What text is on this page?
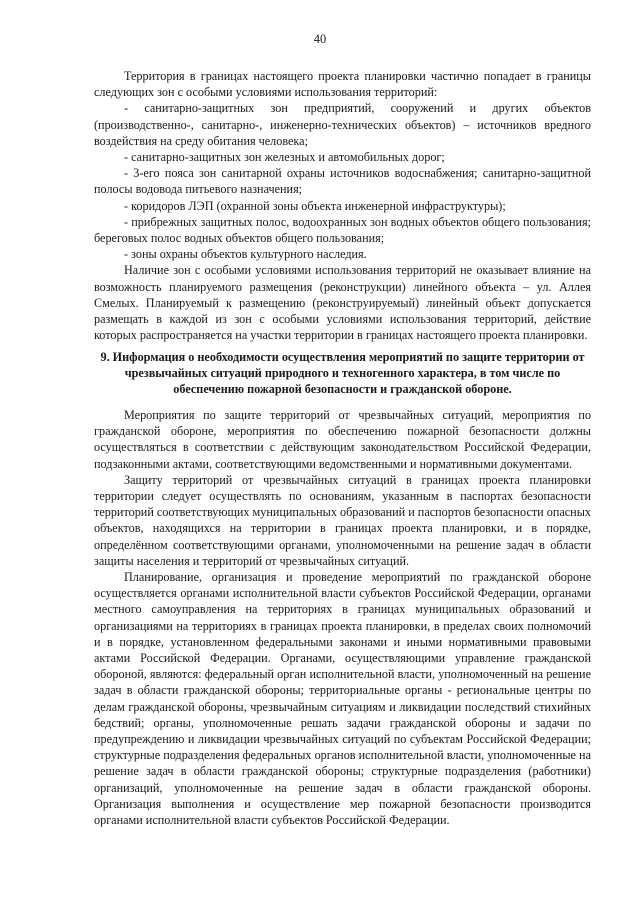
40

Территория в границах настоящего проекта планировки частично попадает в границы следующих зон с особыми условиями использования территорий:

- санитарно-защитных зон предприятий, сооружений и других объектов (производственно-, санитарно-, инженерно-технических объектов) – источников вредного воздействия на среду обитания человека;

- санитарно-защитных зон железных и автомобильных дорог;

- 3-его пояса зон санитарной охраны источников водоснабжения; санитарно-защитной полосы водовода питьевого назначения;

- коридоров ЛЭП (охранной зоны объекта инженерной инфраструктуры);

- прибрежных защитных полос, водоохранных зон водных объектов общего пользования; береговых полос водных объектов общего пользования;

- зоны охраны объектов культурного наследия.

Наличие зон с особыми условиями использования территорий не оказывает влияние на возможность планируемого размещения (реконструкции) линейного объекта – ул. Аллея Смелых. Планируемый к размещению (реконструируемый) линейный объект допускается размещать в каждой из зон с особыми условиями использования территорий, действие которых распространяется на участки территории в границах настоящего проекта планировки.

9. Информация о необходимости осуществления мероприятий по защите территории от чрезвычайных ситуаций природного и техногенного характера, в том числе по обеспечению пожарной безопасности и гражданской обороне.

Мероприятия по защите территорий от чрезвычайных ситуаций, мероприятия по гражданской обороне, мероприятия по обеспечению пожарной безопасности должны осуществляться в соответствии с действующим законодательством Российской Федерации, подзаконными актами, соответствующими ведомственными и нормативными документами.

Защиту территорий от чрезвычайных ситуаций в границах проекта планировки территории следует осуществлять по основаниям, указанным в паспортах безопасности территорий соответствующих муниципальных образований и паспортов безопасности опасных объектов, находящихся на территории в границах проекта планировки, и в порядке, определённом соответствующими органами, уполномоченными на решение задач в области защиты населения и территорий от чрезвычайных ситуаций.

Планирование, организация и проведение мероприятий по гражданской обороне осуществляется органами исполнительной власти субъектов Российской Федерации, органами местного самоуправления на территориях в границах муниципальных образований и организациями на территориях в границах проекта планировки, в пределах своих полномочий и в порядке, установленном федеральными законами и иными нормативными правовыми актами Российской Федерации. Органами, осуществляющими управление гражданской обороной, являются: федеральный орган исполнительной власти, уполномоченный на решение задач в области гражданской обороны; территориальные органы - региональные центры по делам гражданской обороны, чрезвычайным ситуациям и ликвидации последствий стихийных бедствий; органы, уполномоченные решать задачи гражданской обороны и задачи по предупреждению и ликвидации чрезвычайных ситуаций по субъектам Российской Федерации; структурные подразделения федеральных органов исполнительной власти, уполномоченные на решение задач в области гражданской обороны; структурные подразделения (работники) организаций, уполномоченные на решение задач в области гражданской обороны. Организация выполнения и осуществление мер пожарной безопасности производится органами исполнительной власти субъектов Российской Федерации.
